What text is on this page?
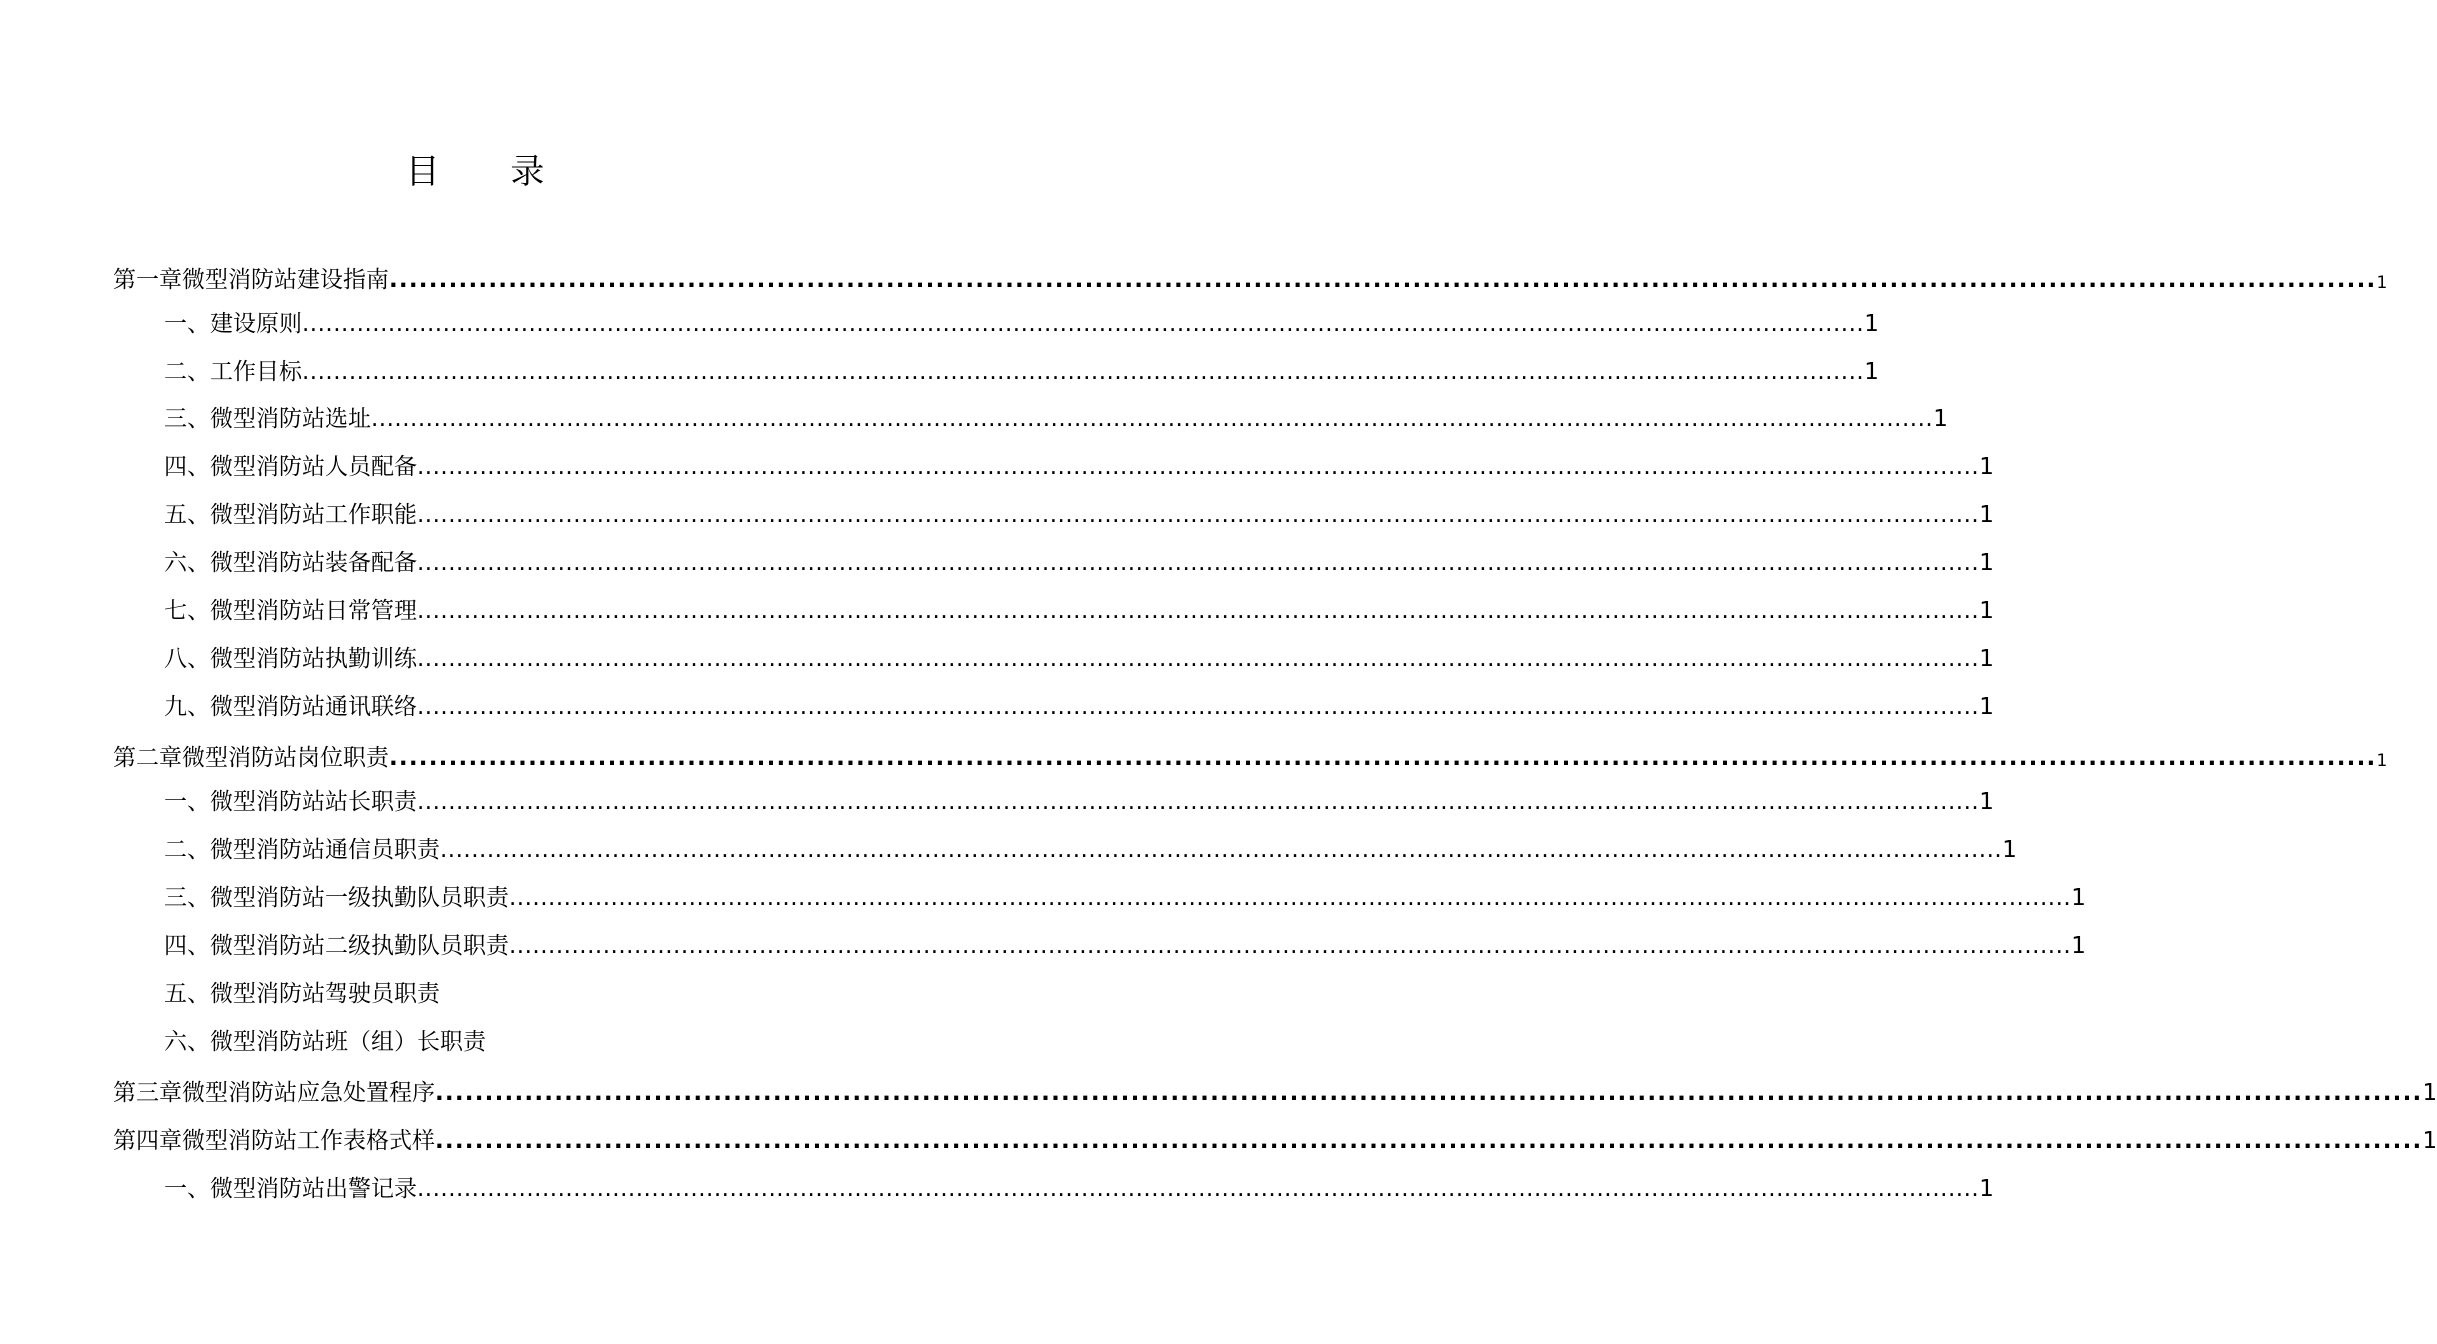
目 录
第一章 微型消防站建设指南 ........................................................................................................................................................................................................ 1
一、 建设原则 ........................................................................................................................................................................................................ 1
二、 工作目标 ........................................................................................................................................................................................................ 1
三、 微型消防站选址 ........................................................................................................................................................................................................ 1
四、 微型消防站人员配备 ........................................................................................................................................................................................................ 1
五、 微型消防站工作职能 ........................................................................................................................................................................................................ 1
六、 微型消防站装备配备 ........................................................................................................................................................................................................ 1
七、 微型消防站日常管理 ........................................................................................................................................................................................................ 1
八、 微型消防站执勤训练 ........................................................................................................................................................................................................ 1
九、 微型消防站通讯联络 ........................................................................................................................................................................................................ 1
第二章 微型消防站岗位职责 ........................................................................................................................................................................................................ 1
一、 微型消防站站长职责 ........................................................................................................................................................................................................ 1
二、 微型消防站通信员职责 ........................................................................................................................................................................................................ 1
三、 微型消防站一级执勤队员职责 ........................................................................................................................................................................................................ 1
四、 微型消防站二级执勤队员职责 ........................................................................................................................................................................................................ 1
五、 微型消防站驾驶员职责
六、 微型消防站班（组）长职责
第三章 微型消防站应急处置程序 ........................................................................................................................................................................................................ 1
第四章 微型消防站工作表格式样 ........................................................................................................................................................................................................ 1
一、 微型消防站出警记录 ........................................................................................................................................................................................................ 1
